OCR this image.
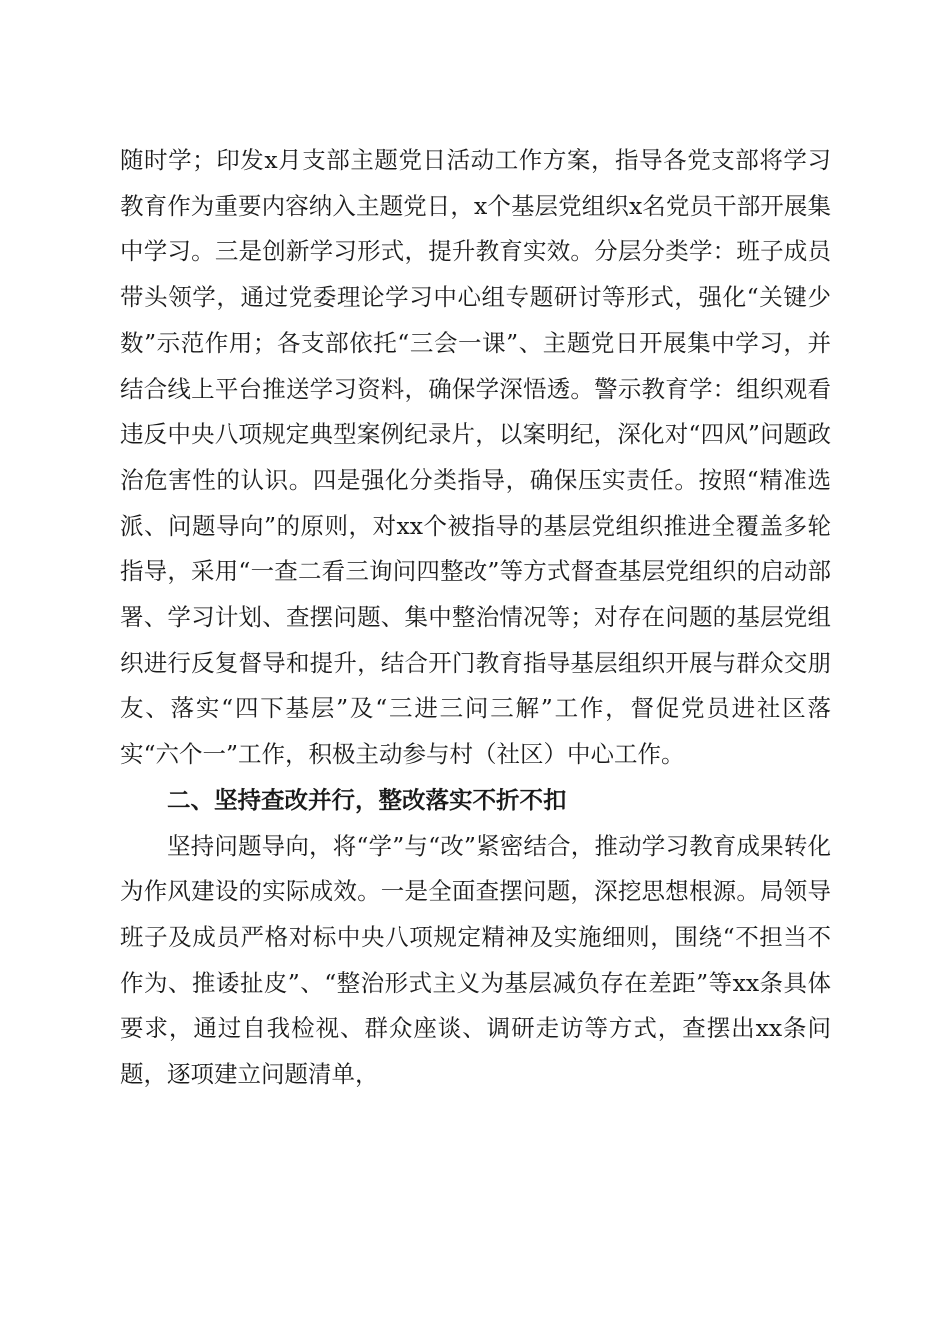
随时学；印发x月支部主题党日活动工作方案，指导各党支部将学习教育作为重要内容纳入主题党日，x个基层党组织x名党员干部开展集中学习。三是创新学习形式，提升教育实效。分层分类学：班子成员带头领学，通过党委理论学习中心组专题研讨等形式，强化“关键少数”示范作用；各支部依托“三会一课”、主题党日开展集中学习，并结合线上平台推送学习资料，确保学深悟透。警示教育学：组织观看违反中央八项规定典型案例纪录片，以案明纪，深化对“四风”问题政治危害性的认识。四是强化分类指导，确保压实责任。按照“精准选派、问题导向”的原则，对xx个被指导的基层党组织推进全覆盖多轮指导，采用“一查二看三询问四整改”等方式督查基层党组织的启动部署、学习计划、查摆问题、集中整治情况等；对存在问题的基层党组织进行反复督导和提升，结合开门教育指导基层组织开展与群众交朋友、落实“四下基层”及“三进三问三解”工作，督促党员进社区落实“六个一”工作，积极主动参与村（社区）中心工作。

二、坚持查改并行，整改落实不折不扣

坚持问题导向，将“学”与“改”紧密结合，推动学习教育成果转化为作风建设的实际成效。一是全面查摆问题，深挖思想根源。局领导班子及成员严格对标中央八项规定精神及实施细则，围绕“不担当不作为、推诿扯皮”、“整治形式主义为基层减负存在差距”等xx条具体要求，通过自我检视、群众座谈、调研走访等方式，查摆出xx条问题，逐项建立问题清单，
